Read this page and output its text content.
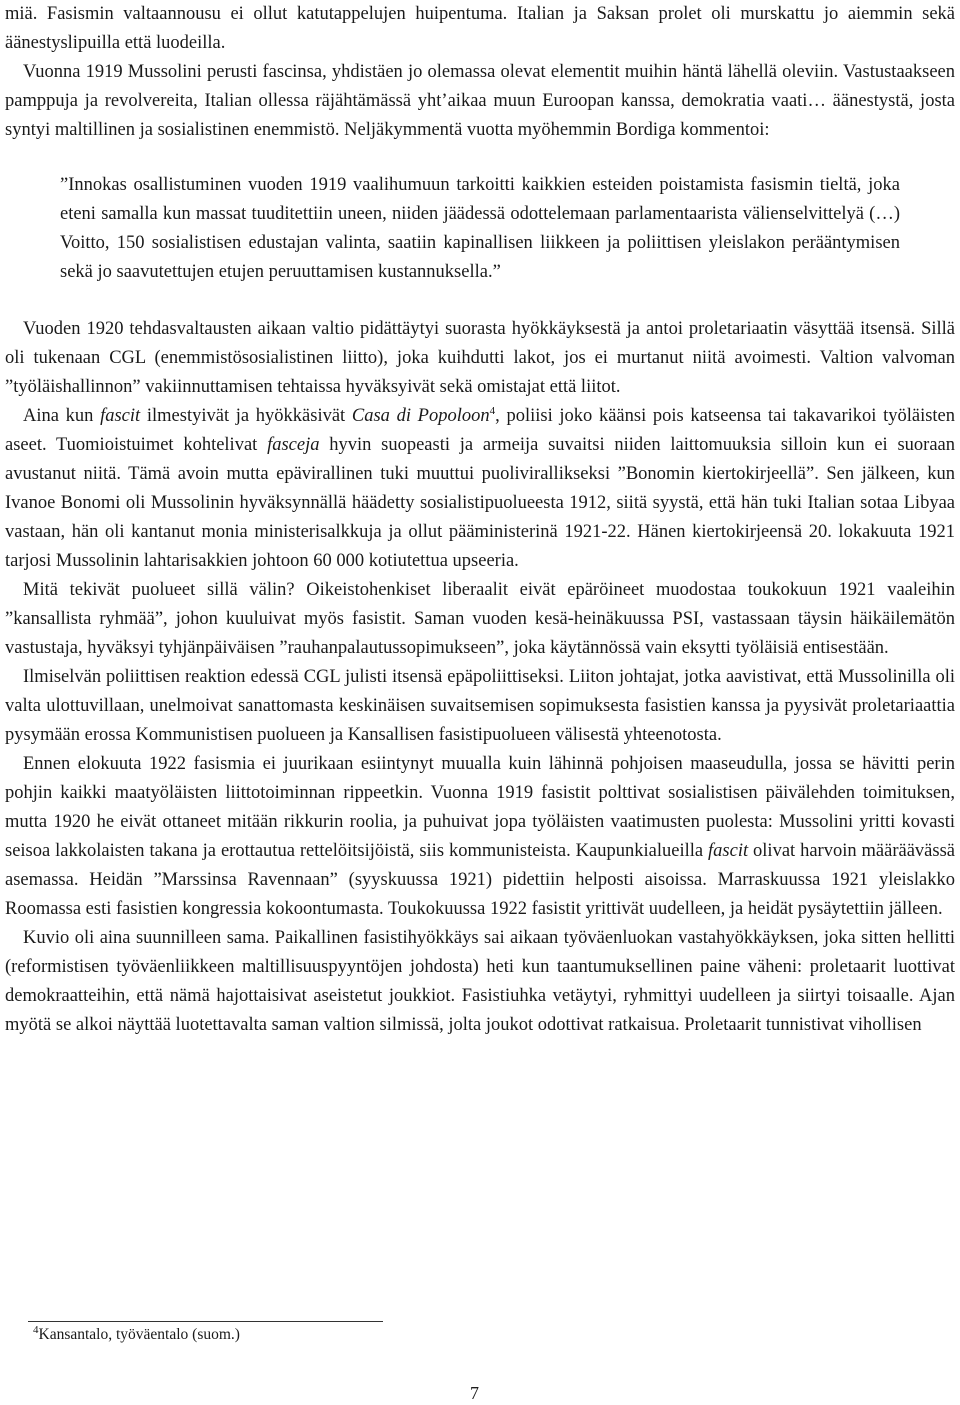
miä. Fasismin valtaannousu ei ollut katutappelujen huipentuma. Italian ja Saksan prolet oli murskattu jo aiemmin sekä äänestyslipuilla että luodeilla.

Vuonna 1919 Mussolini perusti fascinsa, yhdistäen jo olemassa olevat elementit muihin häntä lähellä oleviin. Vastustaakseen pamppuja ja revolvereita, Italian ollessa räjähtämässä yht’aikaa muun Euroopan kanssa, demokratia vaati… äänestystä, josta syntyi maltillinen ja sosialistinen enemmistö. Neljäkymmentä vuotta myöhemmin Bordiga kommentoi:

”Innokas osallistuminen vuoden 1919 vaalihumuun tarkoitti kaikkien esteiden poistamista fasismin tieltä, joka eteni samalla kun massat tuuditettiin uneen, niiden jäädessä odottelemaan parlamentaarista välienselvittelyä (…) Voitto, 150 sosialistisen edustajan valinta, saatiin kapinallisen liikkeen ja poliittisen yleislakon perääntymisen sekä jo saavutettujen etujen peruuttamisen kustannuksella.”

Vuoden 1920 tehdasvaltausten aikaan valtio pidättäytyi suorasta hyökkäyksestä ja antoi proletariaatin väsyttää itsensä. Sillä oli tukenaan CGL (enemmistösosialistinen liitto), joka kuihdutti lakot, jos ei murtanut niitä avoimesti. Valtion valvoman ”työläishallinnon” vakiinnuttamisen tehtaissa hyväksyivät sekä omistajat että liitot.

Aina kun fascit ilmestyivät ja hyökkäsivät Casa di Popoloon$^4$, poliisi joko käänsi pois katseensa tai takavarikoi työläisten aseet. Tuomioistuimet kohtelivat fasceja hyvin suopeasti ja armeija suvaitsi niiden laittomuuksia silloin kun ei suoraan avustanut niitä. Tämä avoin mutta epävirallinen tuki muuttui puolivirallikseksi ”Bonomin kiertokirjeellä”. Sen jälkeen, kun Ivanoe Bonomi oli Mussolinin hyväksynnällä häädetty sosialistipuolueesta 1912, siitä syystä, että hän tuki Italian sotaa Libyaa vastaan, hän oli kantanut monia ministerisalkkuja ja ollut pääministerinä 1921-22. Hänen kiertokirjeensä 20. lokakuuta 1921 tarjosi Mussolinin lahtarisakkien johtoon 60 000 kotiutettua upseeria.

Mitä tekivät puolueet sillä välin? Oikeistohenkiset liberaalit eivät epäröineet muodostaa toukokuun 1921 vaaleihin ”kansallista ryhmää”, johon kuuluivat myös fasistit. Saman vuoden kesä-heinäkuussa PSI, vastassaan täysin häikäilemätön vastustaja, hyväksyi tyhjänpäiväisen ”rauhanpalautussopimukseen”, joka käytännössä vain eksytti työläisiä entisestään.

Ilmiselvän poliittisen reaktion edessä CGL julisti itsensä epäpoliittiseksi. Liiton johtajat, jotka aavistivat, että Mussolinilla oli valta ulottuvillaan, unelmoivat sanattomasta keskinäisen suvaitsemisen sopimuksesta fasistien kanssa ja pyysivät proletariaattia pysymään erossa Kommunistisen puolueen ja Kansallisen fasistipuolueen välisestä yhteenotosta.

Ennen elokuuta 1922 fasismia ei juurikaan esiintynyt muualla kuin lähinnä pohjoisen maaseudulla, jossa se hävitti perin pohjin kaikki maatyöläisten liittotoiminnan rippeetkin. Vuonna 1919 fasistit polttivat sosialistisen päivälehden toimituksen, mutta 1920 he eivät ottaneet mitään rikkurin roolia, ja puhuivat jopa työläisten vaatimusten puolesta: Mussolini yritti kovasti seisoa lakkolaisten takana ja erottautua rettelöitsijöistä, siis kommunisteista. Kaupunkialueilla fascit olivat harvoin määräävässä asemassa. Heidän ”Marssinsa Ravennaan” (syyskuussa 1921) pidettiin helposti aisoissa. Marraskuussa 1921 yleislakko Roomassa esti fasistien kongressia kokoontumasta. Toukokuussa 1922 fasistit yrittivät uudelleen, ja heidät pysäytettiin jälleen.

Kuvio oli aina suunnilleen sama. Paikallinen fasistihyökkäys sai aikaan työväenluokan vastahyökkäyksen, joka sitten hellitti (reformistisen työväenliikkeen maltillisuuspyyntöjen johdosta) heti kun taantumuksellinen paine väheni: proletaarit luottivat demokraatteihin, että nämä hajottaisivat aseistetut joukkiot. Fasistiuhka vetäytyi, ryhmittyi uudelleen ja siirtyi toisaalle. Ajan myötä se alkoi näyttää luotettavalta saman valtion silmissä, jolta joukot odottivat ratkaisua. Proletaarit tunnistivat vihollisen

$^4$Kansantalo, työväentalo (suom.)
7
